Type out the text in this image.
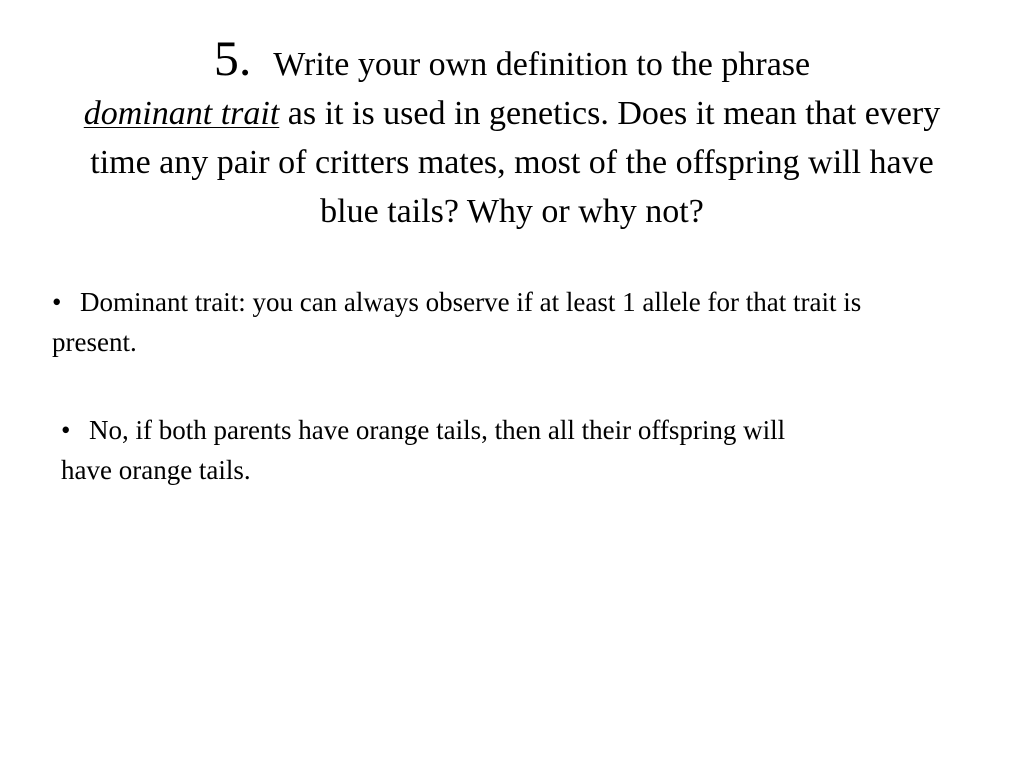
5. Write your own definition to the phrase
dominant trait as it is used in genetics. Does it mean that every time any pair of critters mates, most of the offspring will have blue tails? Why or why not?
• Dominant trait: you can always observe if at least 1 allele for that trait is present.
• No, if both parents have orange tails, then all their offspring will have orange tails.
